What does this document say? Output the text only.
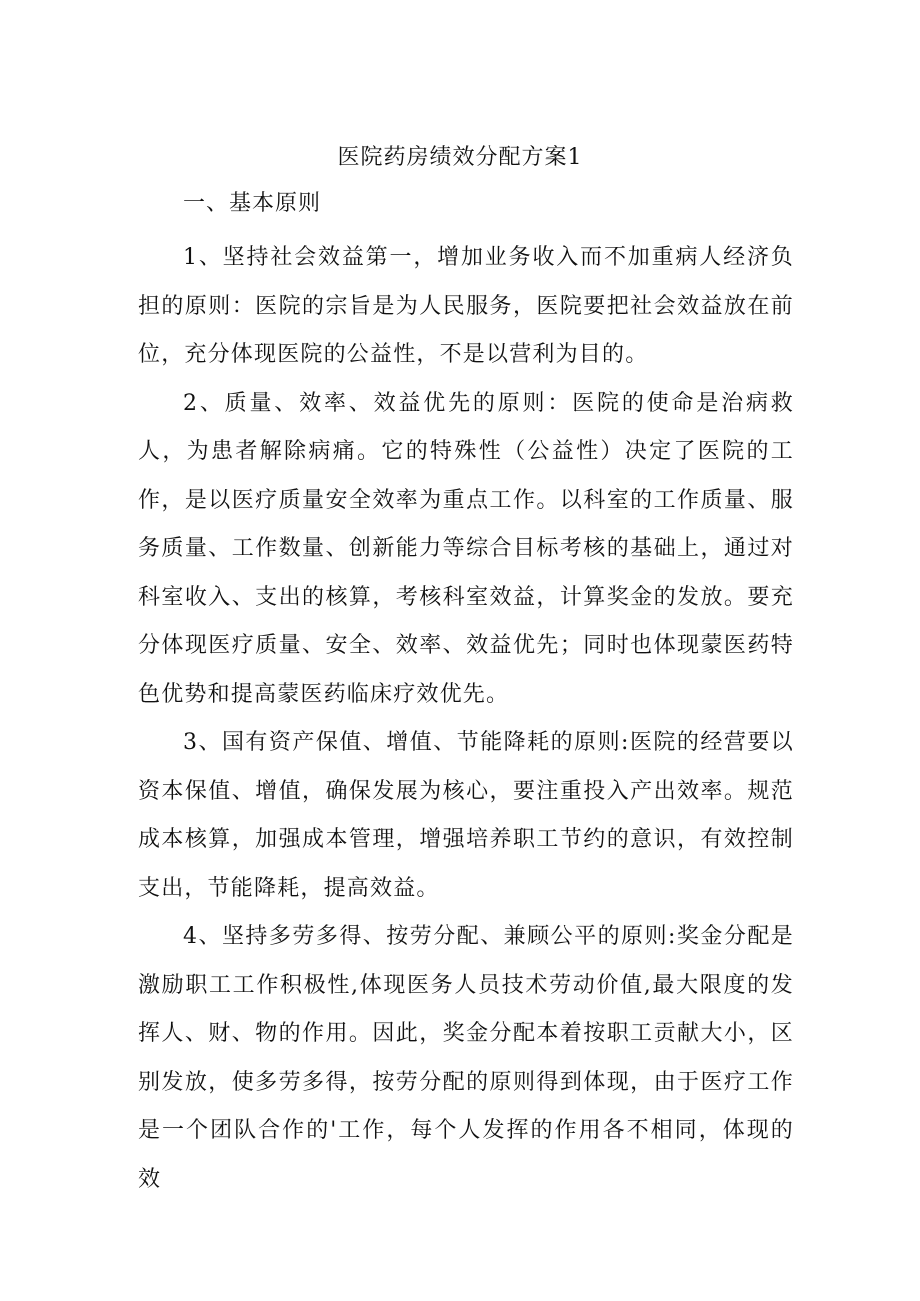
医院药房绩效分配方案1
一、基本原则

1、坚持社会效益第一，增加业务收入而不加重病人经济负担的原则：医院的宗旨是为人民服务，医院要把社会效益放在前位，充分体现医院的公益性，不是以营利为目的。

2、质量、效率、效益优先的原则：医院的使命是治病救人，为患者解除病痛。它的特殊性（公益性）决定了医院的工作，是以医疗质量安全效率为重点工作。以科室的工作质量、服务质量、工作数量、创新能力等综合目标考核的基础上，通过对科室收入、支出的核算，考核科室效益，计算奖金的发放。要充分体现医疗质量、安全、效率、效益优先；同时也体现蒙医药特色优势和提高蒙医药临床疗效优先。

3、国有资产保值、增值、节能降耗的原则:医院的经营要以资本保值、增值，确保发展为核心，要注重投入产出效率。规范成本核算，加强成本管理，增强培养职工节约的意识，有效控制支出，节能降耗，提高效益。

4、坚持多劳多得、按劳分配、兼顾公平的原则:奖金分配是激励职工工作积极性,体现医务人员技术劳动价值,最大限度的发挥人、财、物的作用。因此，奖金分配本着按职工贡献大小，区别发放，使多劳多得，按劳分配的原则得到体现，由于医疗工作是一个团队合作的'工作，每个人发挥的作用各不相同，体现的效
